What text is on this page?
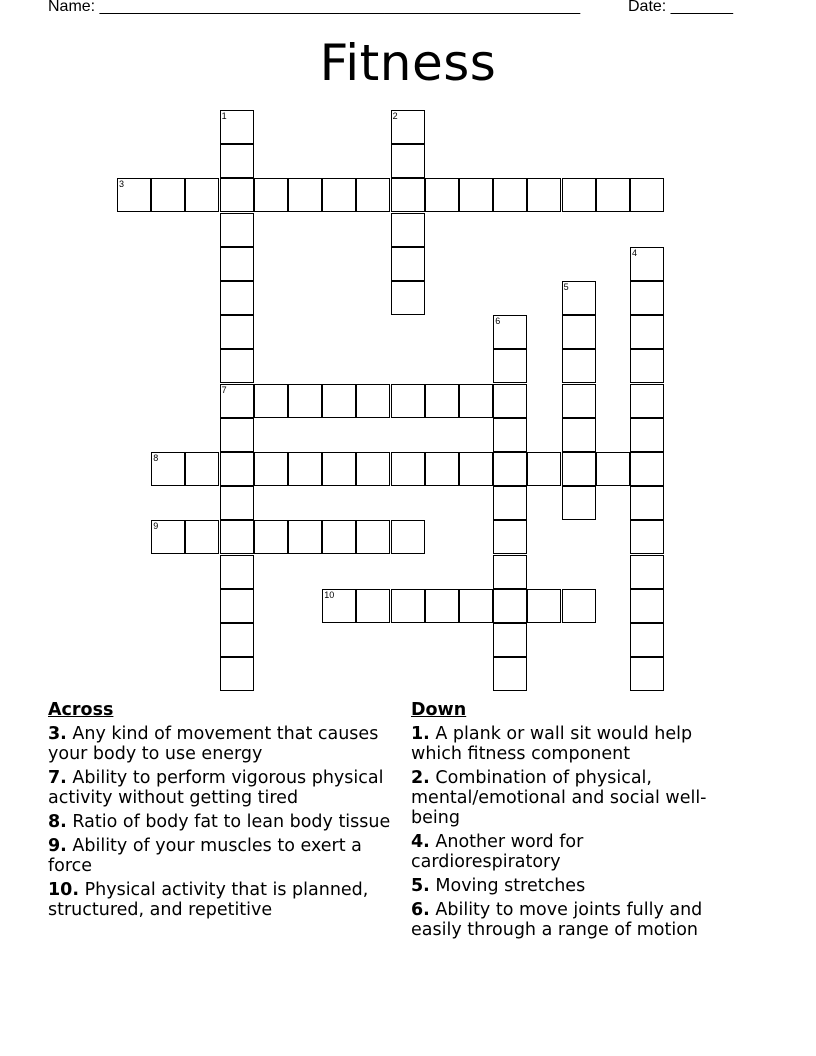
Name: ______________________________________________________	Date: _______
Fitness
3
1
7
2
4
5
6
8
9
10
Across
3. Any kind of movement that causes your body to use energy
7. Ability to perform vigorous physical activity without getting tired
8. Ratio of body fat to lean body tissue
9. Ability of your muscles to exert a force
10. Physical activity that is planned, structured, and repetitive
Down
1. A plank or wall sit would help which fitness component
2. Combination of physical, mental/emotional and social well-being
4. Another word for cardiorespiratory
5. Moving stretches
6. Ability to move joints fully and easily through a range of motion
